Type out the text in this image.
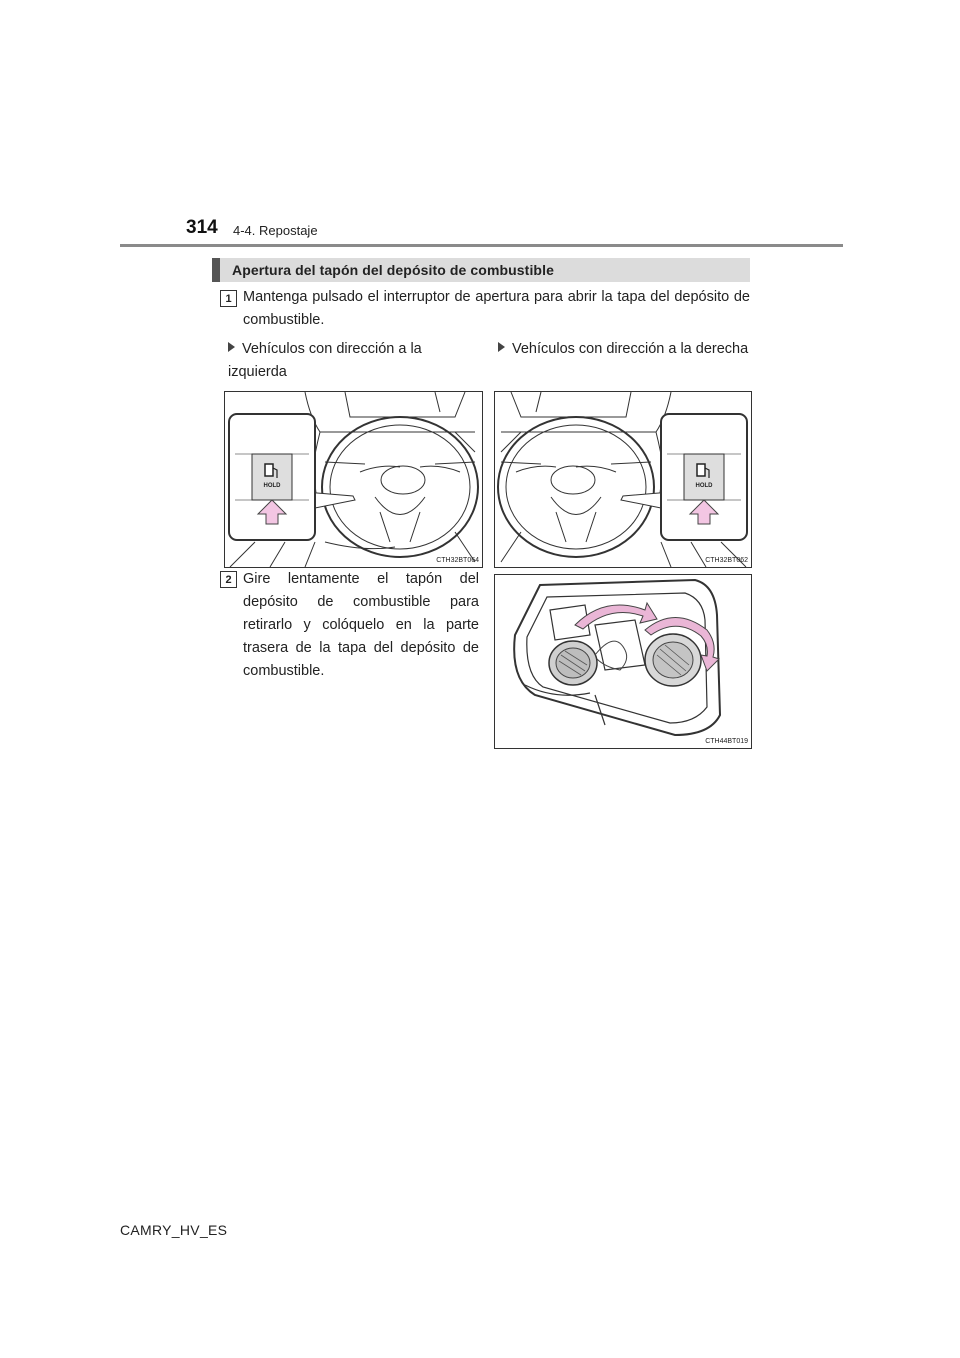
314 4-4. Repostaje
Apertura del tapón del depósito de combustible
1 Mantenga pulsado el interruptor de apertura para abrir la tapa del depósito de combustible.
Vehículos con dirección a la izquierda
Vehículos con dirección a la derecha
HOLD
CTH32BT064
HOLD
CTH32BT062
2 Gire lentamente el tapón del depósito de combustible para retirarlo y colóquelo en la parte trasera de la tapa del depósito de combustible.
CTH44BT019
CAMRY_HV_ES
